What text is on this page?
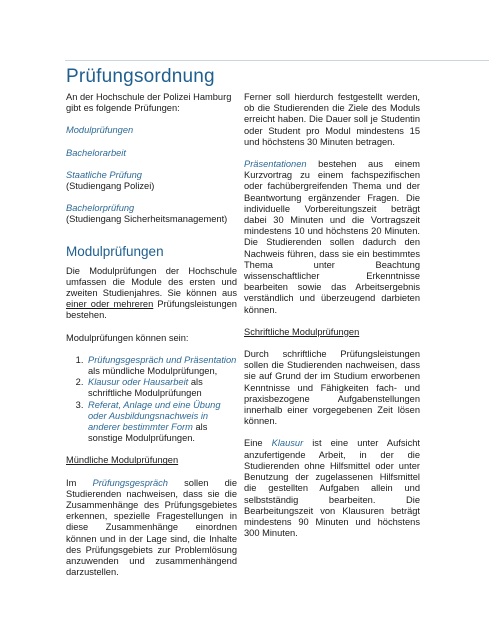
Prüfungsordnung

An der Hochschule der Polizei Hamburg gibt es folgende Prüfungen:

Modulprüfungen

Bachelorarbeit

Staatliche Prüfung
(Studiengang Polizei)
Bachelorprüfung
(Studiengang Sicherheitsmanagement)
Modulprüfungen

Die Modulprüfungen der Hochschule umfassen die Module des ersten und zweiten Studienjahres. Sie können aus einer oder mehreren Prüfungsleistungen bestehen.

Modulprüfungen können sein:

1. Prüfungsgespräch und Präsentation als mündliche Modulprüfungen,
2. Klausur oder Hausarbeit als schriftliche Modulprüfungen
3. Referat, Anlage und eine Übung oder Ausbildungsnachweis in anderer bestimmter Form als sonstige Modulprüfungen.

Mündliche Modulprüfungen

Im Prüfungsgespräch sollen die Studierenden nachweisen, dass sie die Zusammenhänge des Prüfungsgebietes erkennen, spezielle Fragestellungen in diese Zusammenhänge einordnen können und in der Lage sind, die Inhalte des Prüfungsgebiets zur Problemlösung anzuwenden und zusammenhängend darzustellen.

Ferner soll hierdurch festgestellt werden, ob die Studierenden die Ziele des Moduls erreicht haben. Die Dauer soll je Studentin oder Student pro Modul mindestens 15 und höchstens 30 Minuten betragen.

Präsentationen bestehen aus einem Kurzvortrag zu einem fachspezifischen oder fachübergreifenden Thema und der Beantwortung ergänzender Fragen. Die individuelle Vorbereitungszeit beträgt dabei 30 Minuten und die Vortragszeit mindestens 10 und höchstens 20 Minuten. Die Studierenden sollen dadurch den Nachweis führen, dass sie ein bestimmtes Thema unter Beachtung wissenschaftlicher Erkenntnisse bearbeiten sowie das Arbeitsergebnis verständlich und überzeugend darbieten können.

Schriftliche Modulprüfungen

Durch schriftliche Prüfungsleistungen sollen die Studierenden nachweisen, dass sie auf Grund der im Studium erworbenen Kenntnisse und Fähigkeiten fach- und praxisbezogene Aufgabenstellungen innerhalb einer vorgegebenen Zeit lösen können.

Eine Klausur ist eine unter Aufsicht anzufertigende Arbeit, in der die Studierenden ohne Hilfsmittel oder unter Benutzung der zugelassenen Hilfsmittel die gestellten Aufgaben allein und selbstständig bearbeiten. Die Bearbeitungszeit von Klausuren beträgt mindestens 90 Minuten und höchstens 300 Minuten.
